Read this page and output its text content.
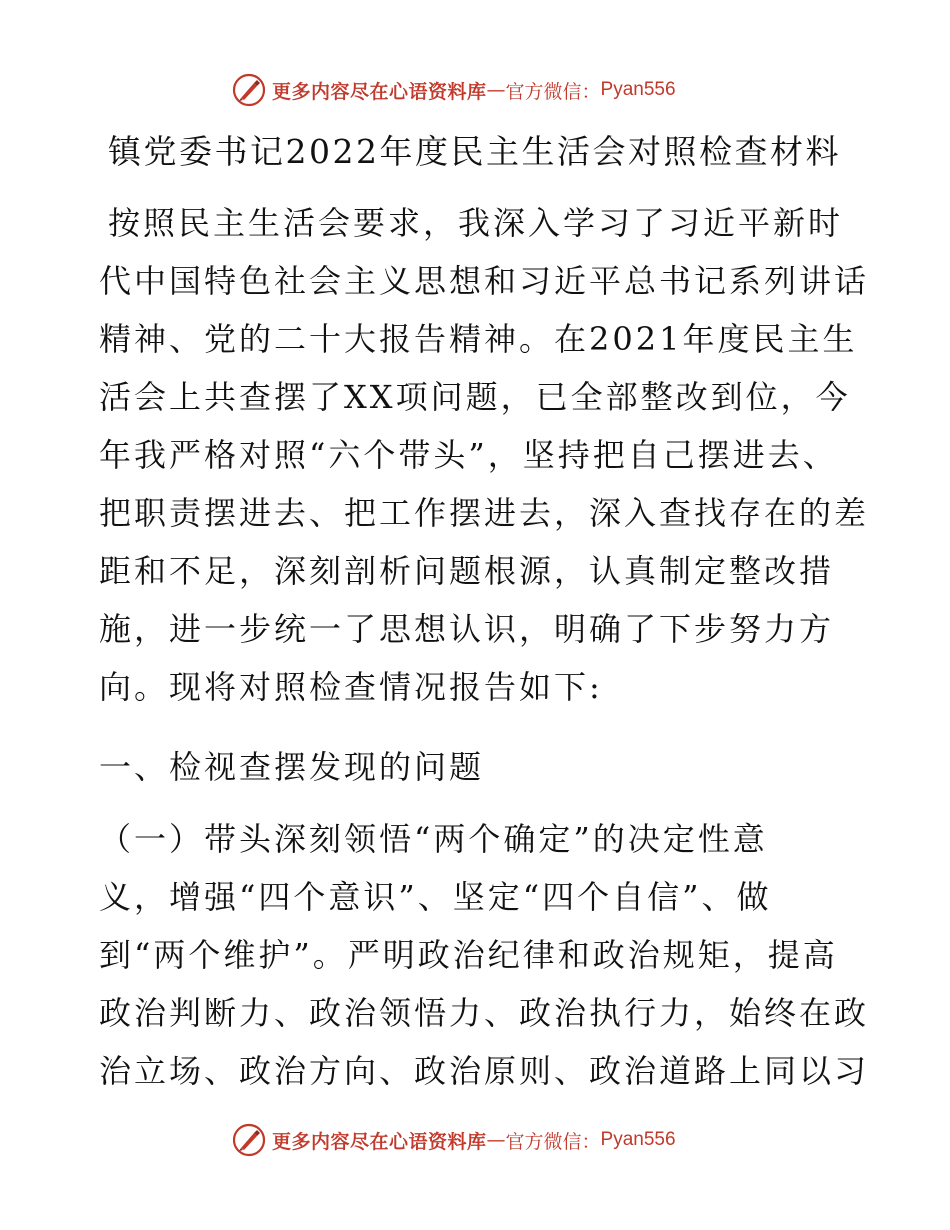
更多内容尽在心语资料库 — 官方微信： Pyan556
镇党委书记2022年度民主生活会对照检查材料
按照民主生活会要求，我深入学习了习近平新时
代中国特色社会主义思想和习近平总书记系列讲话
精神、党的二十大报告精神。在2021年度民主生
活会上共查摆了XX项问题，已全部整改到位，今
年我严格对照“六个带头”，坚持把自己摆进去、
把职责摆进去、把工作摆进去，深入查找存在的差
距和不足，深刻剖析问题根源，认真制定整改措
施，进一步统一了思想认识，明确了下步努力方
向。现将对照检查情况报告如下:
一、检视查摆发现的问题
（一）带头深刻领悟“两个确定”的决定性意
义，增强“四个意识”、坚定“四个自信”、做
到“两个维护”。严明政治纪律和政治规矩，提高
政治判断力、政治领悟力、政治执行力，始终在政
治立场、政治方向、政治原则、政治道路上同以习
更多内容尽在心语资料库 — 官方微信： Pyan556
